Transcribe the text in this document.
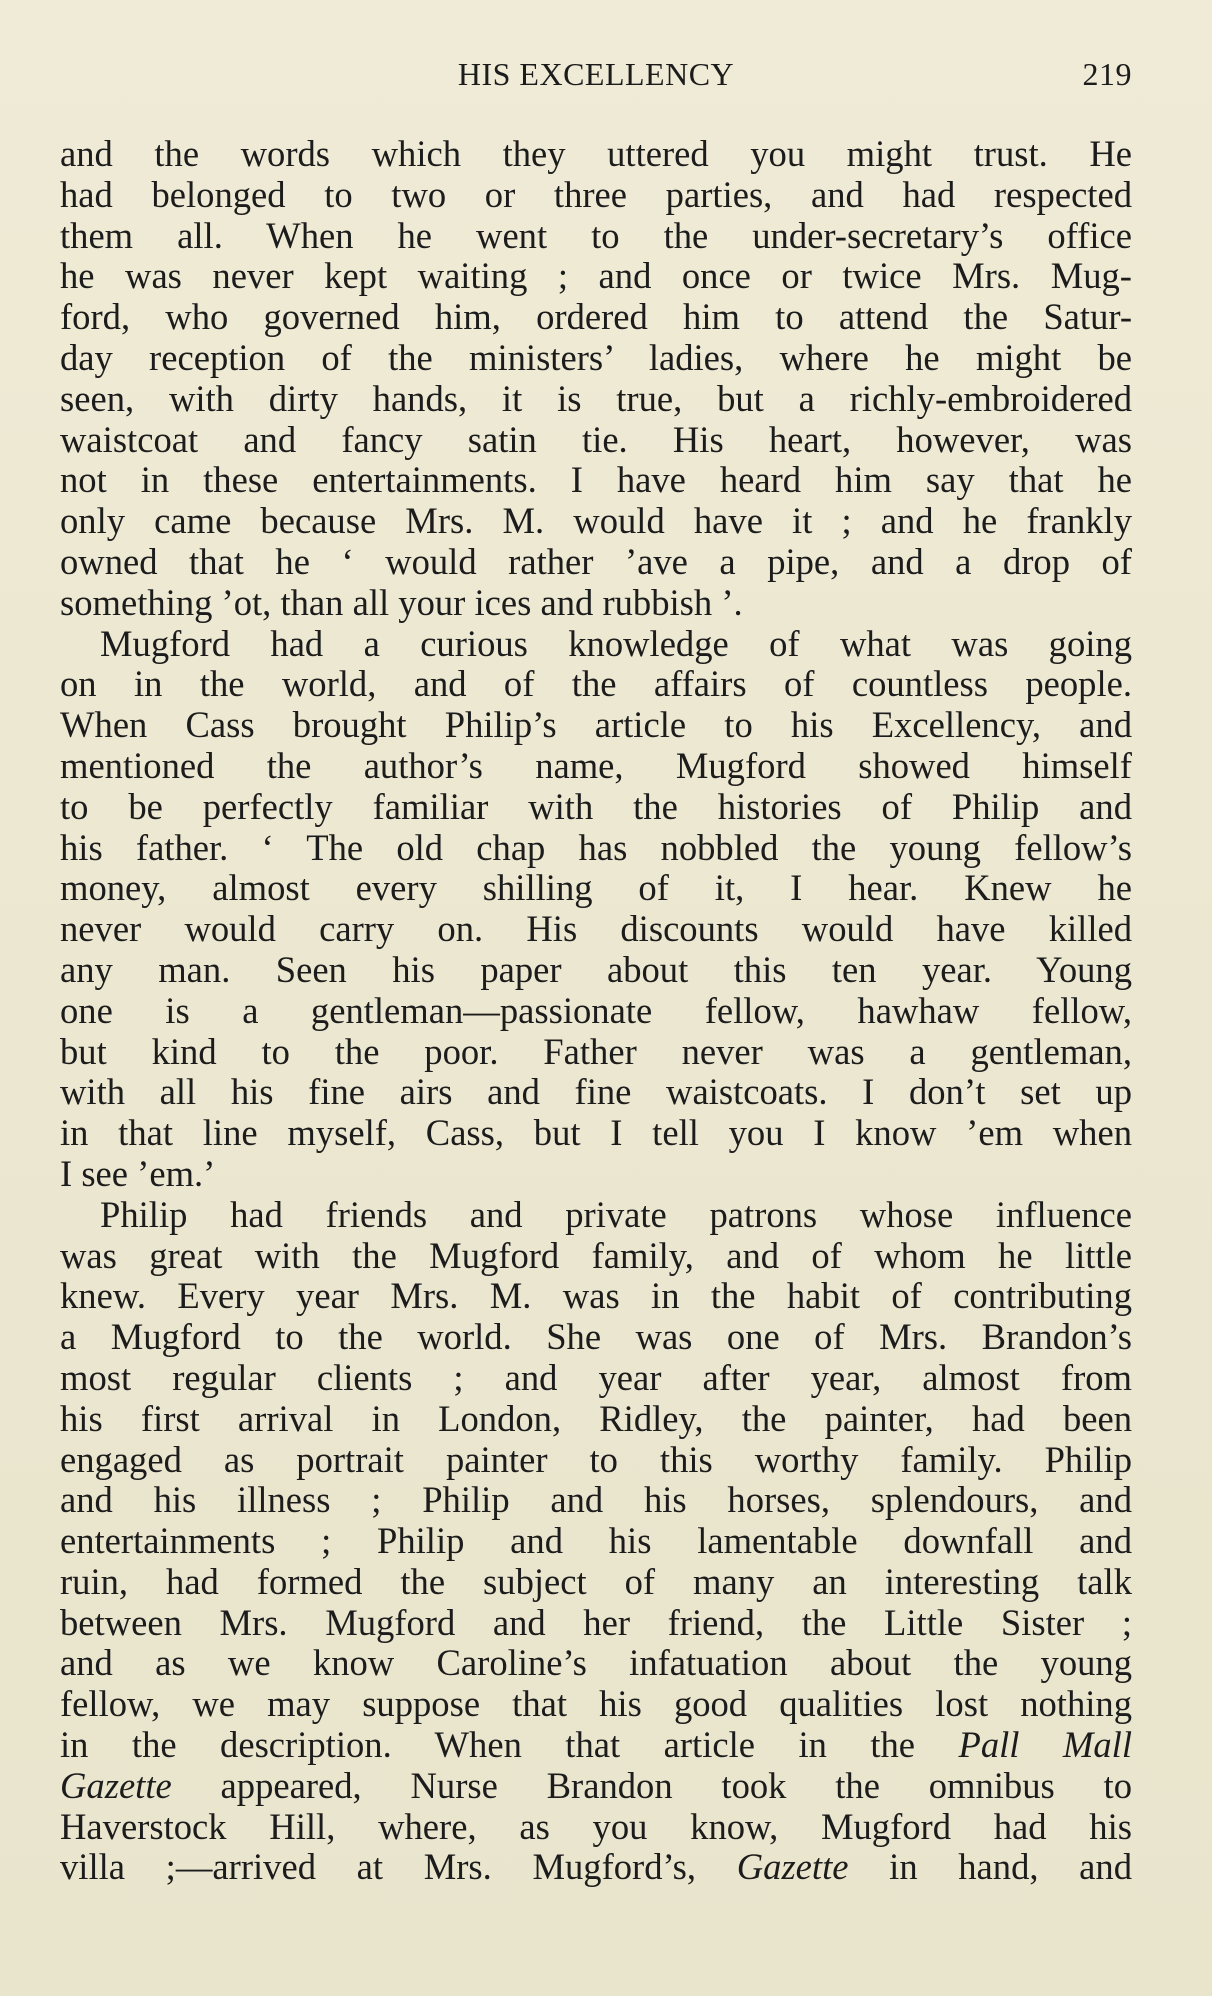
HIS EXCELLENCY	219
and the words which they uttered you might trust. He
had belonged to two or three parties, and had respected
them all. When he went to the under-secretary’s office
he was never kept waiting ; and once or twice Mrs. Mug-
ford, who governed him, ordered him to attend the Satur-
day reception of the ministers’ ladies, where he might be
seen, with dirty hands, it is true, but a richly-embroidered
waistcoat and fancy satin tie. His heart, however, was
not in these entertainments. I have heard him say that he
only came because Mrs. M. would have it ; and he frankly
owned that he ‘ would rather ’ave a pipe, and a drop of
something ’ot, than all your ices and rubbish ’.
Mugford had a curious knowledge of what was going
on in the world, and of the affairs of countless people.
When Cass brought Philip’s article to his Excellency, and
mentioned the author’s name, Mugford showed himself
to be perfectly familiar with the histories of Philip and
his father. ‘ The old chap has nobbled the young fellow’s
money, almost every shilling of it, I hear. Knew he
never would carry on. His discounts would have killed
any man. Seen his paper about this ten year. Young
one is a gentleman—passionate fellow, hawhaw fellow,
but kind to the poor. Father never was a gentleman,
with all his fine airs and fine waistcoats. I don’t set up
in that line myself, Cass, but I tell you I know ’em when
I see ’em.’
Philip had friends and private patrons whose influence
was great with the Mugford family, and of whom he little
knew. Every year Mrs. M. was in the habit of contributing
a Mugford to the world. She was one of Mrs. Brandon’s
most regular clients ; and year after year, almost from
his first arrival in London, Ridley, the painter, had been
engaged as portrait painter to this worthy family. Philip
and his illness ; Philip and his horses, splendours, and
entertainments ; Philip and his lamentable downfall and
ruin, had formed the subject of many an interesting talk
between Mrs. Mugford and her friend, the Little Sister ;
and as we know Caroline’s infatuation about the young
fellow, we may suppose that his good qualities lost nothing
in the description. When that article in the Pall Mall
Gazette appeared, Nurse Brandon took the omnibus to
Haverstock Hill, where, as you know, Mugford had his
villa ;—arrived at Mrs. Mugford’s, Gazette in hand, and
